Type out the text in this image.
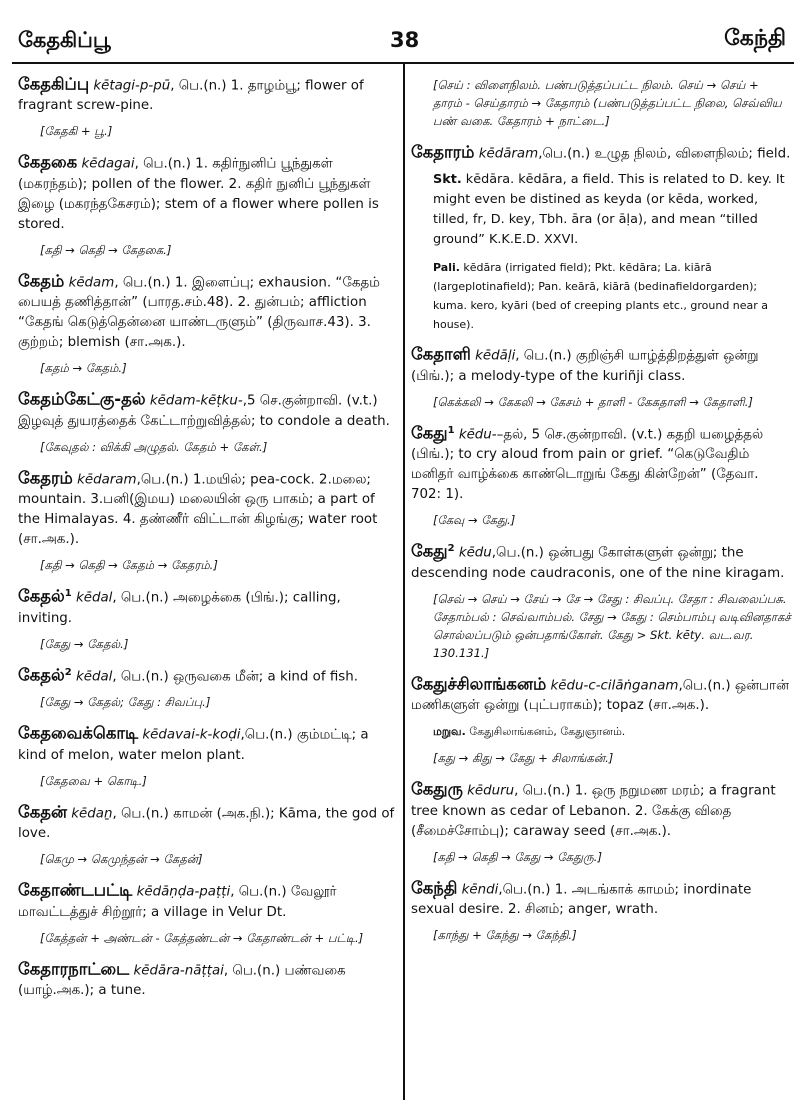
கேதகிப்பூ	38	கேந்தி
கேதகிப்பு kētagi-p-pū, பெ.(n.) 1. தாழம்பூ; flower of fragrant screw-pine.
[கேதகி + பூ.]
கேதகை kēdagai, பெ.(n.) 1. கதிர்நுனிப் பூந்துகள் (மகரந்தம்); pollen of the flower. 2. கதிர் நுனிப் பூந்துகள் இழை (மகரந்தகேசரம்); stem of a flower where pollen is stored.
[கதி → கெதி → கேதகை.]
கேதம் kēdam, பெ.(n.) 1. இளைப்பு; exhausion. “கேதம் பையத் தணித்தான்” (பாரத.சம்.48). 2. துன்பம்; affliction “கேதங் கெடுத்தென்னை யாண்டருளும்” (திருவாச.43). 3. குற்றம்; blemish (சா.அக.).
[கதம் → கேதம்.]
கேதம்கேட்கு-தல் kēdam-kēṭku-,5 செ.குன்றாவி. (v.t.) இழவுத் துயரத்தைக் கேட்டாற்றுவித்தல்; to condole a death.
[கேவுதல் : விக்கி அழுதல். கேதம் + கேள்.]
கேதரம் kēdaram,பெ.(n.) 1.மயில்; pea-cock. 2.மலை; mountain. 3.பனி(இமய) மலையின் ஒரு பாகம்; a part of the Himalayas. 4. தண்ணீர் விட்டான் கிழங்கு; water root (சா.அக.).
[கதி → கெதி → கேதம் → கேதரம்.]
கேதல்$^1$ kēdal, பெ.(n.) அழைக்கை (பிங்.); calling, inviting.
[கேது → கேதல்.]
கேதல்$^2$ kēdal, பெ.(n.) ஒருவகை மீன்; a kind of fish.
[கேது → கேதல்; கேது : சிவப்பு.]
கேதவைக்கொடி kēdavai-k-koḍi,பெ.(n.) கும்மட்டி; a kind of melon, water melon plant.
[கேதவை + கொடி.]
கேதன் kēdaṉ, பெ.(n.) காமன் (அக.நி.); Kāma, the god of love.
[கெமு → கெமுந்தன் → கேதன்]
கேதாண்டபட்டி kēdāṇḍa-paṭṭi, பெ.(n.) வேலூர் மாவட்டத்துச் சிற்றூர்; a village in Velur Dt.
[கேத்தன் + அண்டன் - கேத்தண்டன் → கேதாண்டன் + பட்டி.]
கேதாரநாட்டை kēdāra-nāṭṭai, பெ.(n.) பண்வகை (யாழ்.அக.); a tune.
[செய் : விளைநிலம். பண்படுத்தப்பட்ட நிலம். செய் → செய் + தாரம் - செய்தாரம் → கேதாரம் (பண்படுத்தப்பட்ட நிலை, செவ்விய பண் வகை. கேதாரம் + நாட்டை.]
கேதாரம் kēdāram,பெ.(n.) உழுத நிலம், விளைநிலம்; field.
Skt. kēdāra. kēdāra, a field. This is related to D. key. It might even be distined as keyda (or kēda, worked, tilled, fr, D. key, Tbh. āra (or āḷa), and mean “tilled ground” K.K.E.D. XXVI.
Pali. kēdāra (irrigated field); Pkt. kēdāra; La. kiārā (largeplotinafield); Pan. keārā, kiārā (bedinafieldorgarden); kuma. kero, kyāri (bed of creeping plants etc., ground near a house).
கேதாளி kēdāḷi, பெ.(n.) குறிஞ்சி யாழ்த்திறத்துள் ஒன்று (பிங்.); a melody-type of the kuriñji class.
[கெக்கலி → கேகலி → கேசம் + தாளி - கேகதாளி → கேதாளி.]
கேது$^1$ kēdu-–தல், 5 செ.குன்றாவி. (v.t.) கதறி யழைத்தல் (பிங்.); to cry aloud from pain or grief. “கெடுவேதிம் மனிதர் வாழ்க்கை காண்டொறுங் கேது கின்றேன்” (தேவா. 702: 1).
[கேவு → கேது.]
கேது$^2$ kēdu,பெ.(n.) ஒன்பது கோள்களுள் ஒன்று; the descending node caudraconis, one of the nine kiragam.
[செவ் → செய் → சேய் → சே → சேது : சிவப்பு. சேதா : சிவலைப்பசு. சேதாம்பல் : செவ்வாம்பல். சேது → கேது : செம்பாம்பு வடிவினதாகச் சொல்லப்படும் ஒன்பதாங்கோள். கேது > Skt. kētу. வட.வர. 130.131.]
கேதுச்சிலாங்கனம் kēdu-c-cilāṅganam,பெ.(n.) ஒன்பான் மணிகளுள் ஒன்று (புட்பராகம்); topaz (சா.அக.).
மறுவ. கேதுசிலாங்கனம், கேதுஞானம்.
[கது → கிது → கேது + சிலாங்கன்.]
கேதுரு kēduru, பெ.(n.) 1. ஒரு நறுமண மரம்; a fragrant tree known as cedar of Lebanon. 2. கேக்கு விதை (சீமைச்சோம்பு); caraway seed (சா.அக.).
[கதி → கெதி → கேது → கேதுரு.]
கேந்தி kēndi,பெ.(n.) 1. அடங்காக் காமம்; inordinate sexual desire. 2. சினம்; anger, wrath.
[காந்து + கேந்து → கேந்தி.]
